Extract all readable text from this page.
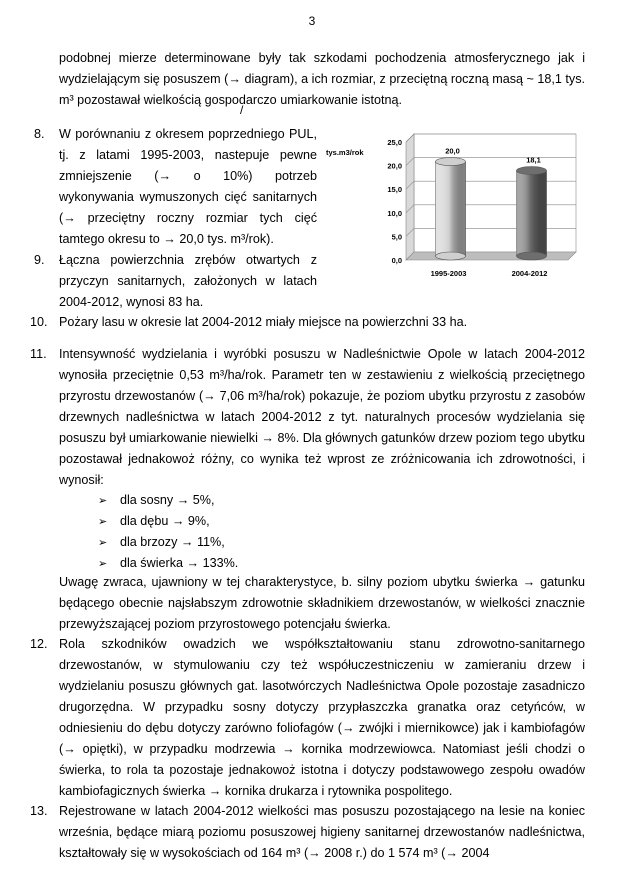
3

podobnej mierze determinowane były tak szkodami pochodzenia atmosferycznego jak i wydzielającym się posuszem (→ diagram), a ich rozmiar, z przeciętną roczną masą ~ 18,1 tys. m³ pozostawał wielkością gospodarczo umiarkowanie istotną.

/
8.	W porównaniu z okresem poprzedniego PUL, tj. z latami 1995-2003, nastepuje pewne zmniejszenie (→ o 10%) potrzeb wykonywania wymuszonych cięć sanitarnych (→ przeciętny roczny rozmiar tych cięć tamtego okresu to → 20,0 tys. m³/rok).

9.	Łączna powierzchnia zrębów otwartych z przyczyn sanitarnych, założonych w latach 2004-2012, wynosi 83 ha.

10. Pożary lasu w okresie lat 2004-2012 miały miejsce na powierzchni 33 ha.

11. Intensywność wydzielania i wyróbki posuszu w Nadleśnictwie Opole w latach 2004-2012 wynosiła przeciętnie 0,53 m³/ha/rok. Parametr ten w zestawieniu z wielkością przeciętnego przyrostu drzewostanów (→ 7,06 m³/ha/rok) pokazuje, że poziom ubytku przyrostu z zasobów drzewnych nadleśnictwa w latach 2004-2012 z tyt. naturalnych procesów wydzielania się posuszu był umiarkowanie niewielki → 8%. Dla głównych gatunków drzew poziom tego ubytku pozostawał jednakowoż różny, co wynika też wprost ze zróżnicowania ich zdrowotności, i wynosił:

➢ dla sosny → 5%,
➢ dla dębu → 9%,
➢ dla brzozy → 11%,
➢ dla świerka → 133%.

Uwagę zwraca, ujawniony w tej charakterystyce, b. silny poziom ubytku świerka → gatunku będącego obecnie najsłabszym zdrowotnie składnikiem drzewostanów, w wielkości znacznie przewyższającej poziom przyrostowego potencjału świerka.

12. Rola szkodników owadzich we współkształtowaniu stanu zdrowotno-sanitarnego drzewostanów, w stymulowaniu czy też współuczestniczeniu w zamieraniu drzew i wydzielaniu posuszu głównych gat. lasotwórczych Nadleśnictwa Opole pozostaje zasadniczo drugorzędna. W przypadku sosny dotyczy przypłaszczka granatka oraz cetyńców, w odniesieniu do dębu dotyczy zarówno foliofagów (→ zwójki i miernikowce) jak i kambiofagów (→ opiętki), w przypadku modrzewia → kornika modrzewiowca. Natomiast jeśli chodzi o świerka, to rola ta pozostaje jednakowoż istotna i dotyczy podstawowego zespołu owadów kambiofagicznych świerka → kornika drukarza i rytownika pospolitego.

13. Rejestrowane w latach 2004-2012 wielkości mas posuszu pozostającego na lesie na koniec września, będące miarą poziomu posuszowej higieny sanitarnej drzewostanów nadleśnictwa, kształtowały się w wysokościach od 164 m³ (→ 2008 r.) do 1 574 m³ (→ 2004

tys.m3/rok
0,0
5,0
10,0
15,0
20,0
25,0
20,0
18,1
1995-2003	2004-2012
